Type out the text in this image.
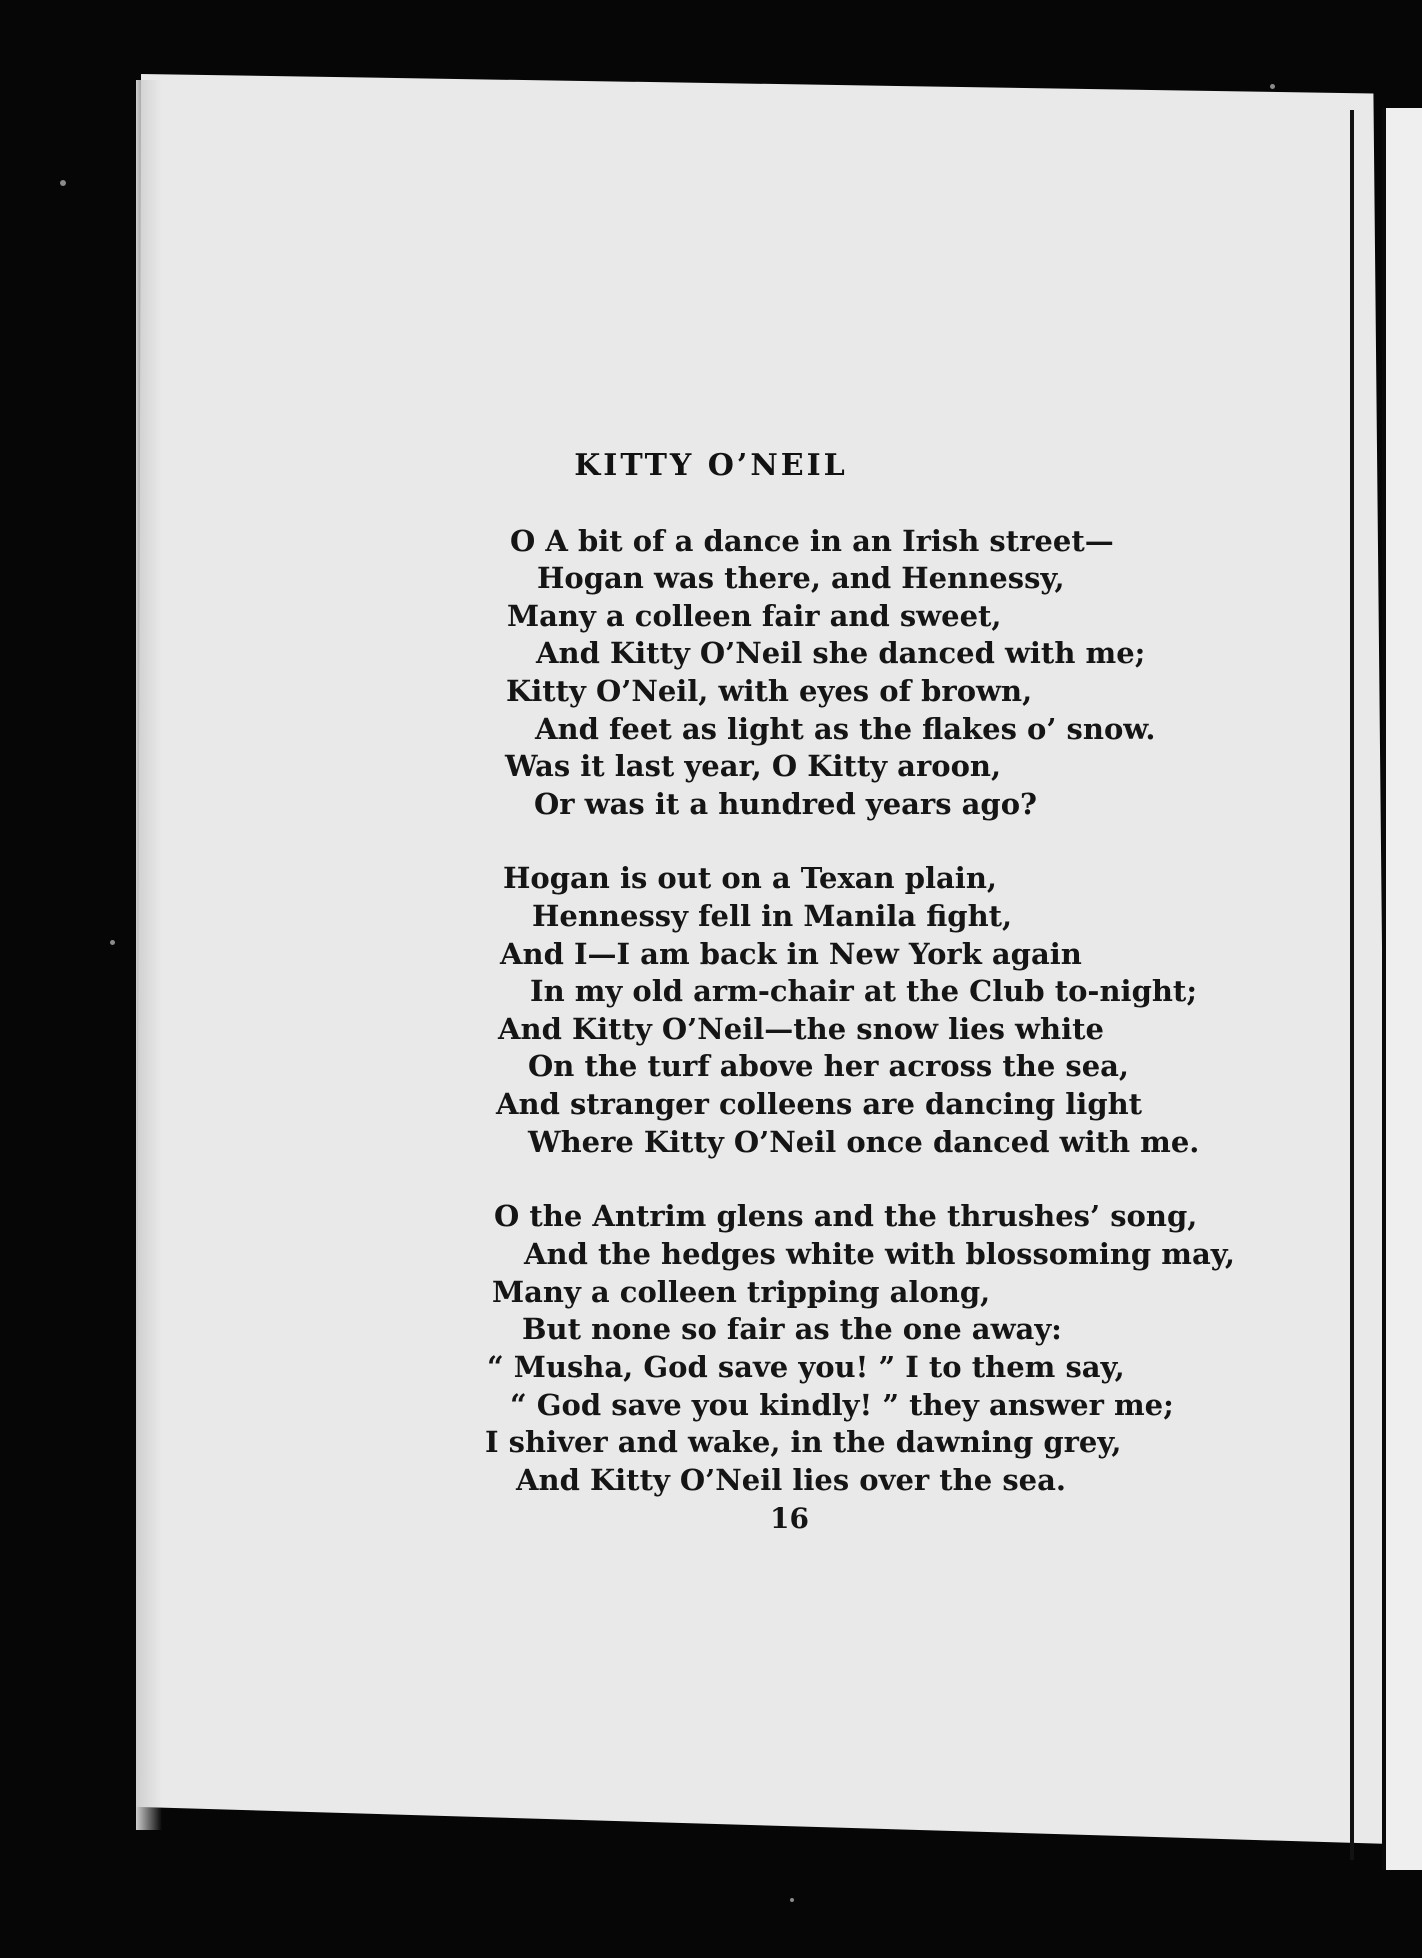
KITTY O’NEIL
O A bit of a dance in an Irish street—
Hogan was there, and Hennessy,
Many a colleen fair and sweet,
And Kitty O’Neil she danced with me;
Kitty O’Neil, with eyes of brown,
And feet as light as the flakes o’ snow.
Was it last year, O Kitty aroon,
Or was it a hundred years ago?
Hogan is out on a Texan plain,
Hennessy fell in Manila fight,
And I—I am back in New York again
In my old arm-chair at the Club to-night;
And Kitty O’Neil—the snow lies white
On the turf above her across the sea,
And stranger colleens are dancing light
Where Kitty O’Neil once danced with me.
O the Antrim glens and the thrushes’ song,
And the hedges white with blossoming may,
Many a colleen tripping along,
But none so fair as the one away:
“ Musha, God save you! ” I to them say,
“ God save you kindly! ” they answer me;
I shiver and wake, in the dawning grey,
And Kitty O’Neil lies over the sea.
16
